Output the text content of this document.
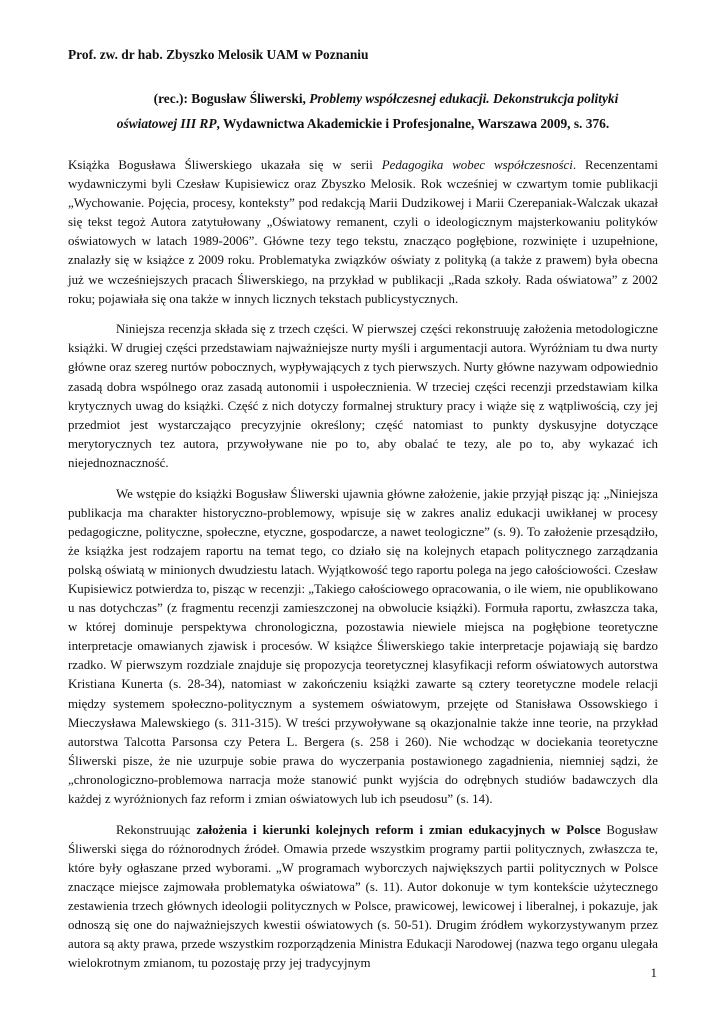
Prof. zw. dr hab. Zbyszko Melosik UAM w Poznaniu

(rec.): Bogusław Śliwerski, Problemy współczesnej edukacji. Dekonstrukcja polityki
oświatowej III RP, Wydawnictwa Akademickie i Profesjonalne, Warszawa 2009, s. 376.

Książka Bogusława Śliwerskiego ukazała się w serii Pedagogika wobec współczesności. Recenzentami wydawniczymi byli Czesław Kupisiewicz oraz Zbyszko Melosik. Rok wcześniej w czwartym tomie publikacji „Wychowanie. Pojęcia, procesy, konteksty” pod redakcją Marii Dudzikowej i Marii Czerepaniak-Walczak ukazał się tekst tegoż Autora zatytułowany „Oświatowy remanent, czyli o ideologicznym majsterkowaniu polityków oświatowych w latach 1989-2006”. Główne tezy tego tekstu, znacząco pogłębione, rozwinięte i uzupełnione, znalazły się w książce z 2009 roku. Problematyka związków oświaty z polityką (a także z prawem) była obecna już we wcześniejszych pracach Śliwerskiego, na przykład w publikacji „Rada szkoły. Rada oświatowa” z 2002 roku; pojawiała się ona także w innych licznych tekstach publicystycznych.

Niniejsza recenzja składa się z trzech części. W pierwszej części rekonstruuję założenia metodologiczne książki. W drugiej części przedstawiam najważniejsze nurty myśli i argumentacji autora. Wyróżniam tu dwa nurty główne oraz szereg nurtów pobocznych, wypływających z tych pierwszych. Nurty główne nazywam odpowiednio zasadą dobra wspólnego oraz zasadą autonomii i uspołecznienia. W trzeciej części recenzji przedstawiam kilka krytycznych uwag do książki. Część z nich dotyczy formalnej struktury pracy i wiąże się z wątpliwością, czy jej przedmiot jest wystarczająco precyzyjnie określony; część natomiast to punkty dyskusyjne dotyczące merytorycznych tez autora, przywoływane nie po to, aby obalać te tezy, ale po to, aby wykazać ich niejednoznaczność.

We wstępie do książki Bogusław Śliwerski ujawnia główne założenie, jakie przyjął pisząc ją: „Niniejsza publikacja ma charakter historyczno-problemowy, wpisuje się w zakres analiz edukacji uwikłanej w procesy pedagogiczne, polityczne, społeczne, etyczne, gospodarcze, a nawet teologiczne” (s. 9). To założenie przesądziło, że książka jest rodzajem raportu na temat tego, co działo się na kolejnych etapach politycznego zarządzania polską oświatą w minionych dwudziestu latach. Wyjątkowość tego raportu polega na jego całościowości. Czesław Kupisiewicz potwierdza to, pisząc w recenzji: „Takiego całościowego opracowania, o ile wiem, nie opublikowano u nas dotychczas” (z fragmentu recenzji zamieszczonej na obwolucie książki). Formuła raportu, zwłaszcza taka, w której dominuje perspektywa chronologiczna, pozostawia niewiele miejsca na pogłębione teoretyczne interpretacje omawianych zjawisk i procesów. W książce Śliwerskiego takie interpretacje pojawiają się bardzo rzadko. W pierwszym rozdziale znajduje się propozycja teoretycznej klasyfikacji reform oświatowych autorstwa Kristiana Kunerta (s. 28-34), natomiast w zakończeniu książki zawarte są cztery teoretyczne modele relacji między systemem społeczno-politycznym a systemem oświatowym, przejęte od Stanisława Ossowskiego i Mieczysława Malewskiego (s. 311-315). W treści przywoływane są okazjonalnie także inne teorie, na przykład autorstwa Talcotta Parsonsa czy Petera L. Bergera (s. 258 i 260). Nie wchodząc w dociekania teoretyczne Śliwerski pisze, że nie uzurpuje sobie prawa do wyczerpania postawionego zagadnienia, niemniej sądzi, że „chronologiczno-problemowa narracja może stanowić punkt wyjścia do odrębnych studiów badawczych dla każdej z wyróżnionych faz reform i zmian oświatowych lub ich pseudosu” (s. 14).

Rekonstruując założenia i kierunki kolejnych reform i zmian edukacyjnych w Polsce Bogusław Śliwerski sięga do różnorodnych źródeł. Omawia przede wszystkim programy partii politycznych, zwłaszcza te, które były ogłaszane przed wyborami. „W programach wyborczych największych partii politycznych w Polsce znaczące miejsce zajmowała problematyka oświatowa” (s. 11). Autor dokonuje w tym kontekście użytecznego zestawienia trzech głównych ideologii politycznych w Polsce, prawicowej, lewicowej i liberalnej, i pokazuje, jak odnoszą się one do najważniejszych kwestii oświatowych (s. 50-51). Drugim źródłem wykorzystywanym przez autora są akty prawa, przede wszystkim rozporządzenia Ministra Edukacji Narodowej (nazwa tego organu ulegała wielokrotnym zmianom, tu pozostaję przy jej tradycyjnym

1
